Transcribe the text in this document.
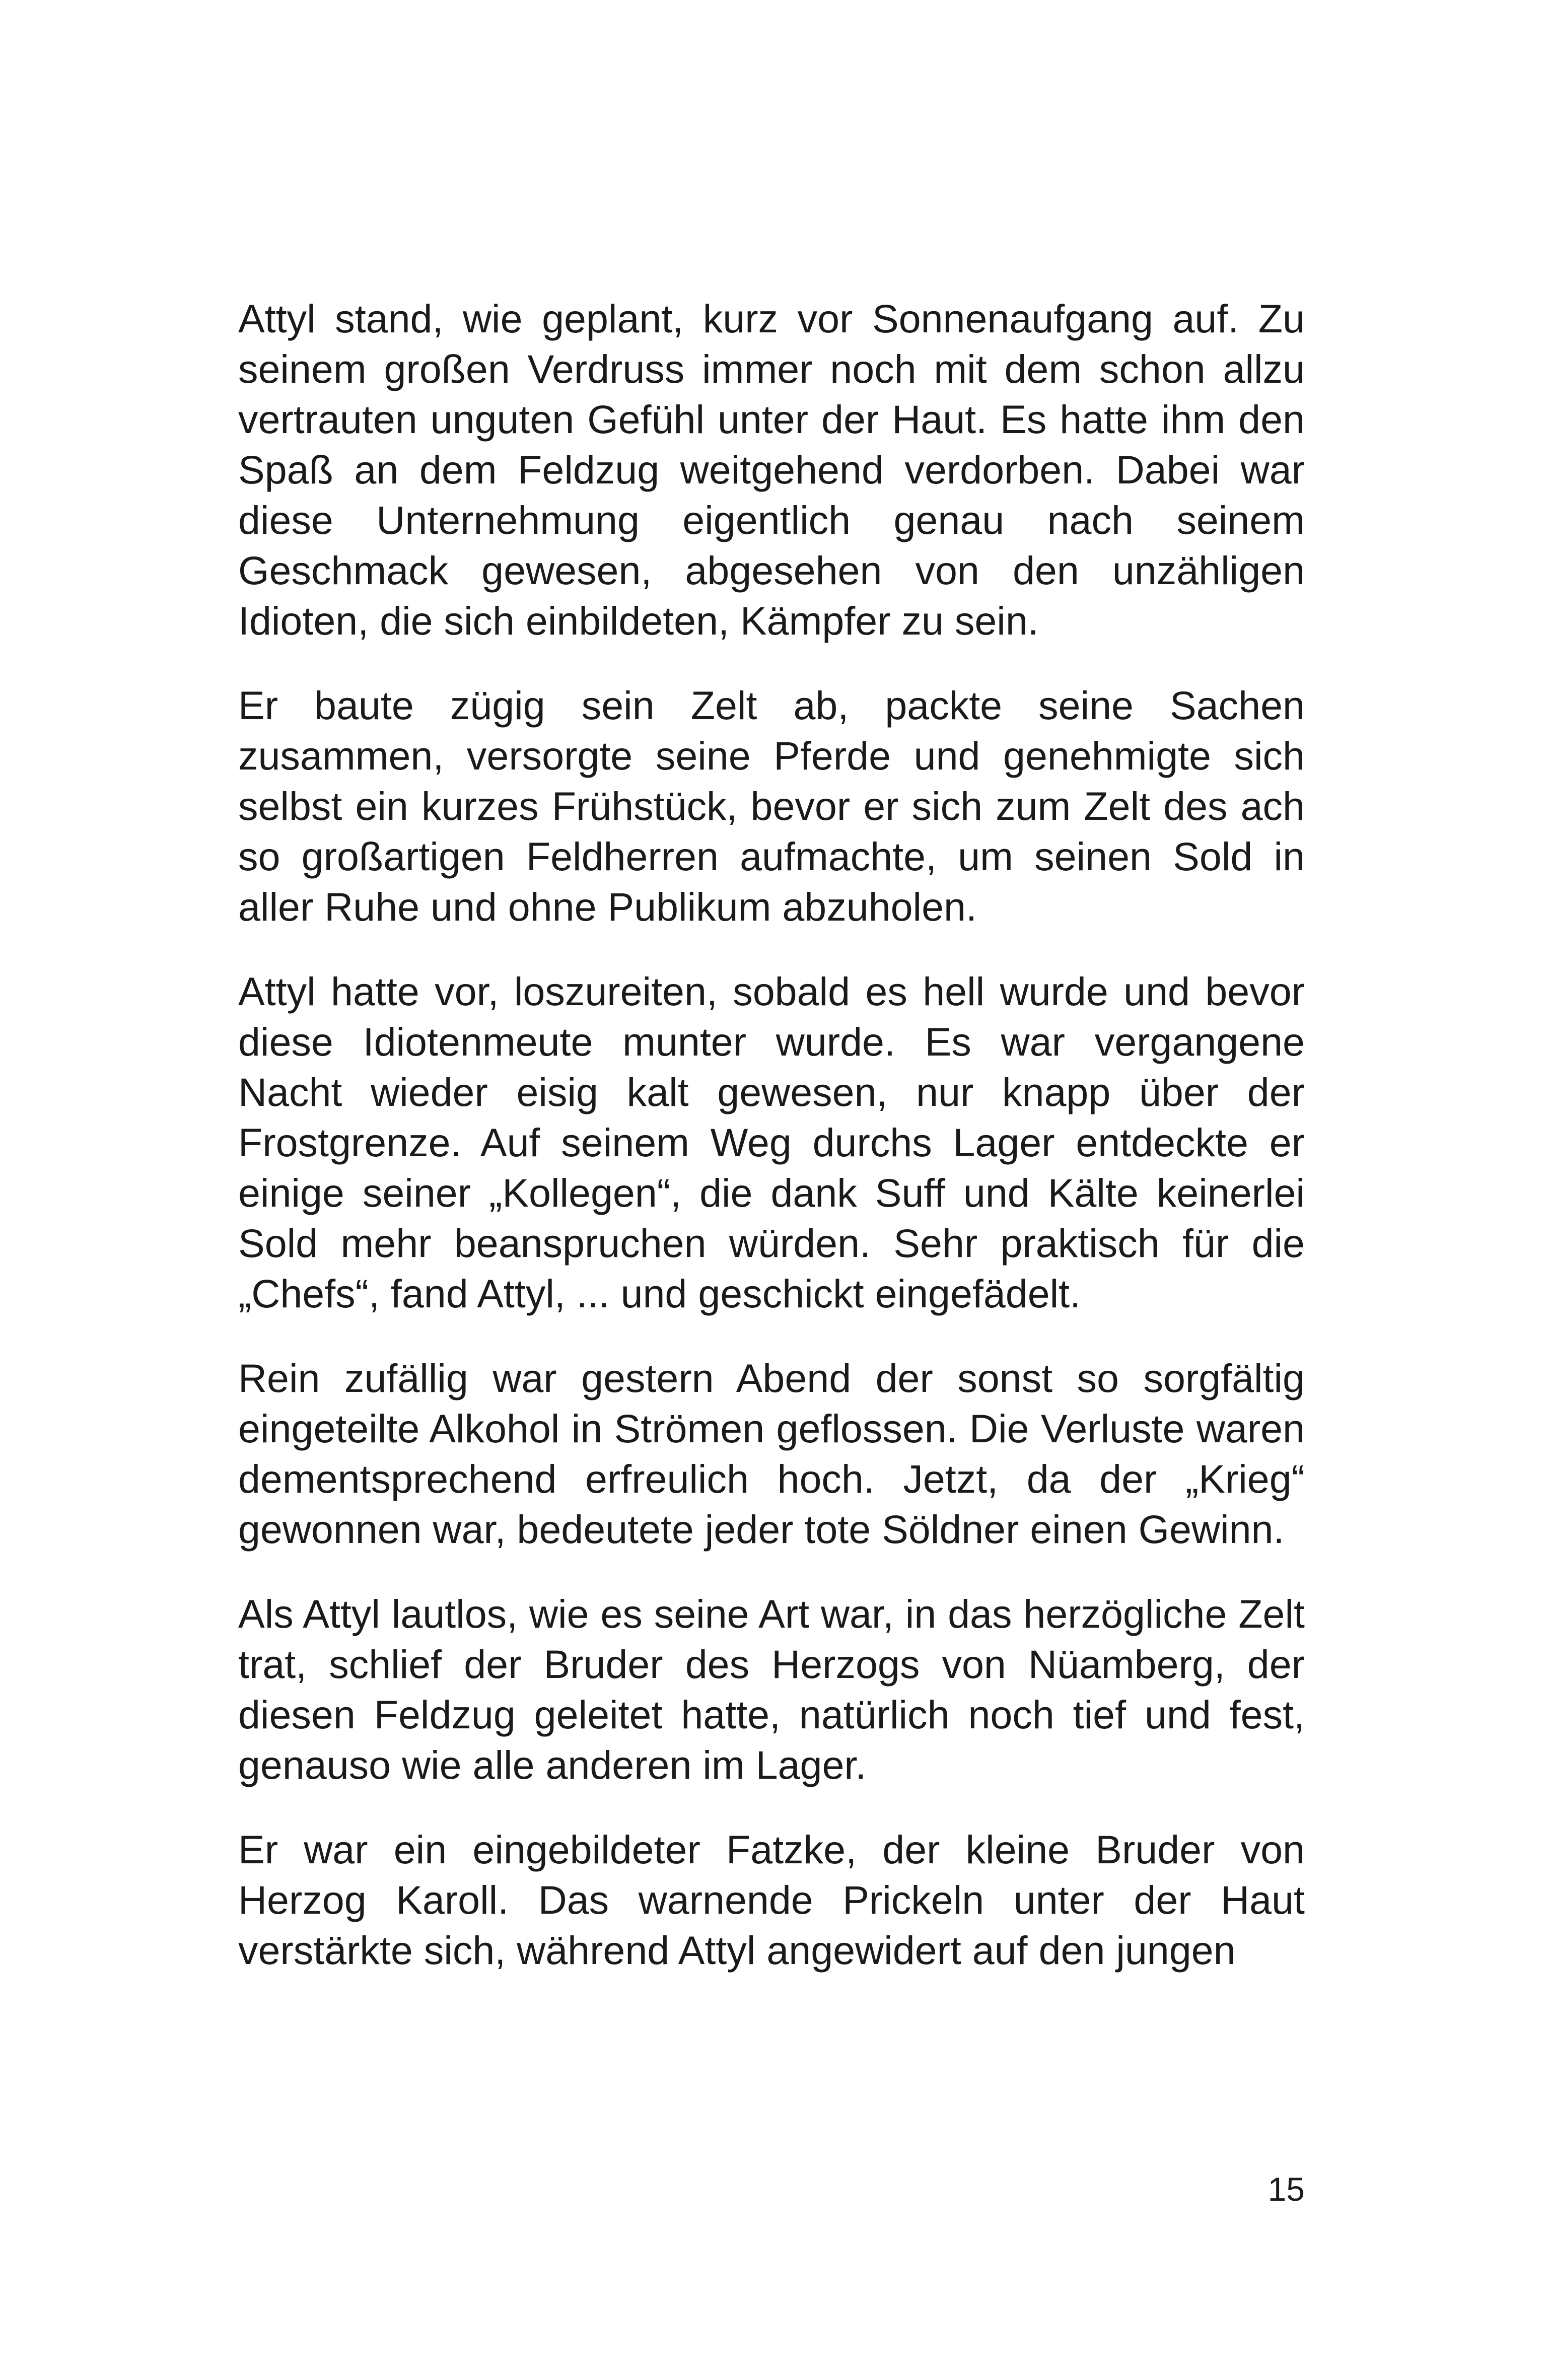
Attyl stand, wie geplant, kurz vor Sonnenaufgang auf. Zu seinem großen Verdruss immer noch mit dem schon allzu vertrauten unguten Gefühl unter der Haut. Es hatte ihm den Spaß an dem Feldzug weitgehend verdorben. Dabei war diese Unternehmung eigentlich genau nach seinem Geschmack gewesen, abgesehen von den unzähligen Idioten, die sich einbildeten, Kämpfer zu sein.

Er baute zügig sein Zelt ab, packte seine Sachen zusammen, versorgte seine Pferde und genehmigte sich selbst ein kurzes Frühstück, bevor er sich zum Zelt des ach so großartigen Feldherren aufmachte, um seinen Sold in aller Ruhe und ohne Publikum abzuholen.

Attyl hatte vor, loszureiten, sobald es hell wurde und bevor diese Idiotenmeute munter wurde. Es war vergangene Nacht wieder eisig kalt gewesen, nur knapp über der Frostgrenze. Auf seinem Weg durchs Lager entdeckte er einige seiner „Kollegen“, die dank Suff und Kälte keinerlei Sold mehr beanspruchen würden. Sehr praktisch für die „Chefs“, fand Attyl, ... und geschickt eingefädelt.

Rein zufällig war gestern Abend der sonst so sorgfältig eingeteilte Alkohol in Strömen geflossen. Die Verluste waren dementsprechend erfreulich hoch. Jetzt, da der „Krieg“ gewonnen war, bedeutete jeder tote Söldner einen Gewinn.

Als Attyl lautlos, wie es seine Art war, in das herzögliche Zelt trat, schlief der Bruder des Herzogs von Nüamberg, der diesen Feldzug geleitet hatte, natürlich noch tief und fest, genauso wie alle anderen im Lager.

Er war ein eingebildeter Fatzke, der kleine Bruder von Herzog Karoll. Das warnende Prickeln unter der Haut verstärkte sich, während Attyl angewidert auf den jungen

15
